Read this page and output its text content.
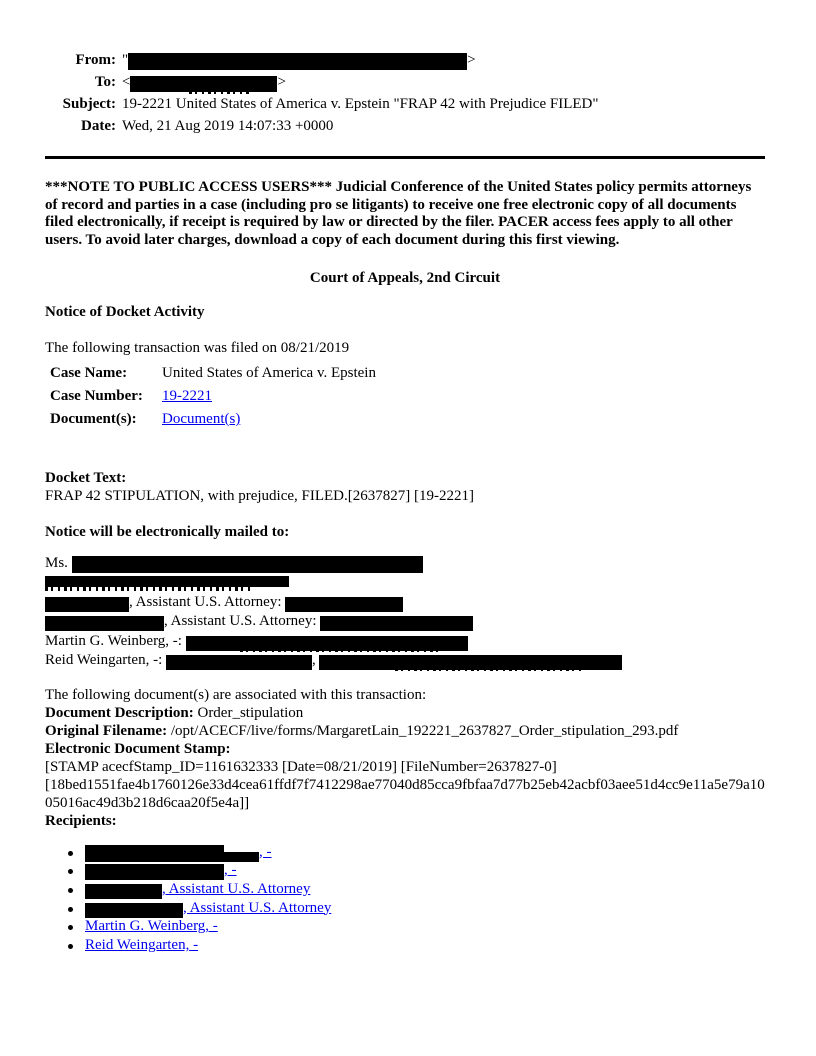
From: "	>
To: <	>
Subject: 19-2221 United States of America v. Epstein "FRAP 42 with Prejudice FILED"
Date: Wed, 21 Aug 2019 14:07:33 +0000
***NOTE TO PUBLIC ACCESS USERS*** Judicial Conference of the United States policy permits attorneys of record and parties in a case (including pro se litigants) to receive one free electronic copy of all documents filed electronically, if receipt is required by law or directed by the filer. PACER access fees apply to all other users. To avoid later charges, download a copy of each document during this first viewing.
Court of Appeals, 2nd Circuit
Notice of Docket Activity
The following transaction was filed on 08/21/2019
Case Name:	United States of America v. Epstein
Case Number:	19-2221
Document(s):	Document(s)
Docket Text:
FRAP 42 STIPULATION, with prejudice, FILED.[2637827] [19-2221]
Notice will be electronically mailed to:
Ms.
, Assistant U.S. Attorney:
, Assistant U.S. Attorney:
Martin G. Weinberg, -:
Reid Weingarten, -:	,
The following document(s) are associated with this transaction:
Document Description: Order_stipulation
Original Filename: /opt/ACECF/live/forms/MargaretLain_192221_2637827_Order_stipulation_293.pdf
Electronic Document Stamp:
[STAMP acecfStamp_ID=1161632333 [Date=08/21/2019] [FileNumber=2637827-0]
[18bed1551fae4b1760126e33d4cea61ffdf7f7412298ae77040d85cca9fbfaa7d77b25eb42acbf03aee51d4cc9e11a5e79a1005016ac49d3b218d6caa20f5e4a]]
Recipients:
, -
, -
, Assistant U.S. Attorney
, Assistant U.S. Attorney
Martin G. Weinberg, -
Reid Weingarten, -
